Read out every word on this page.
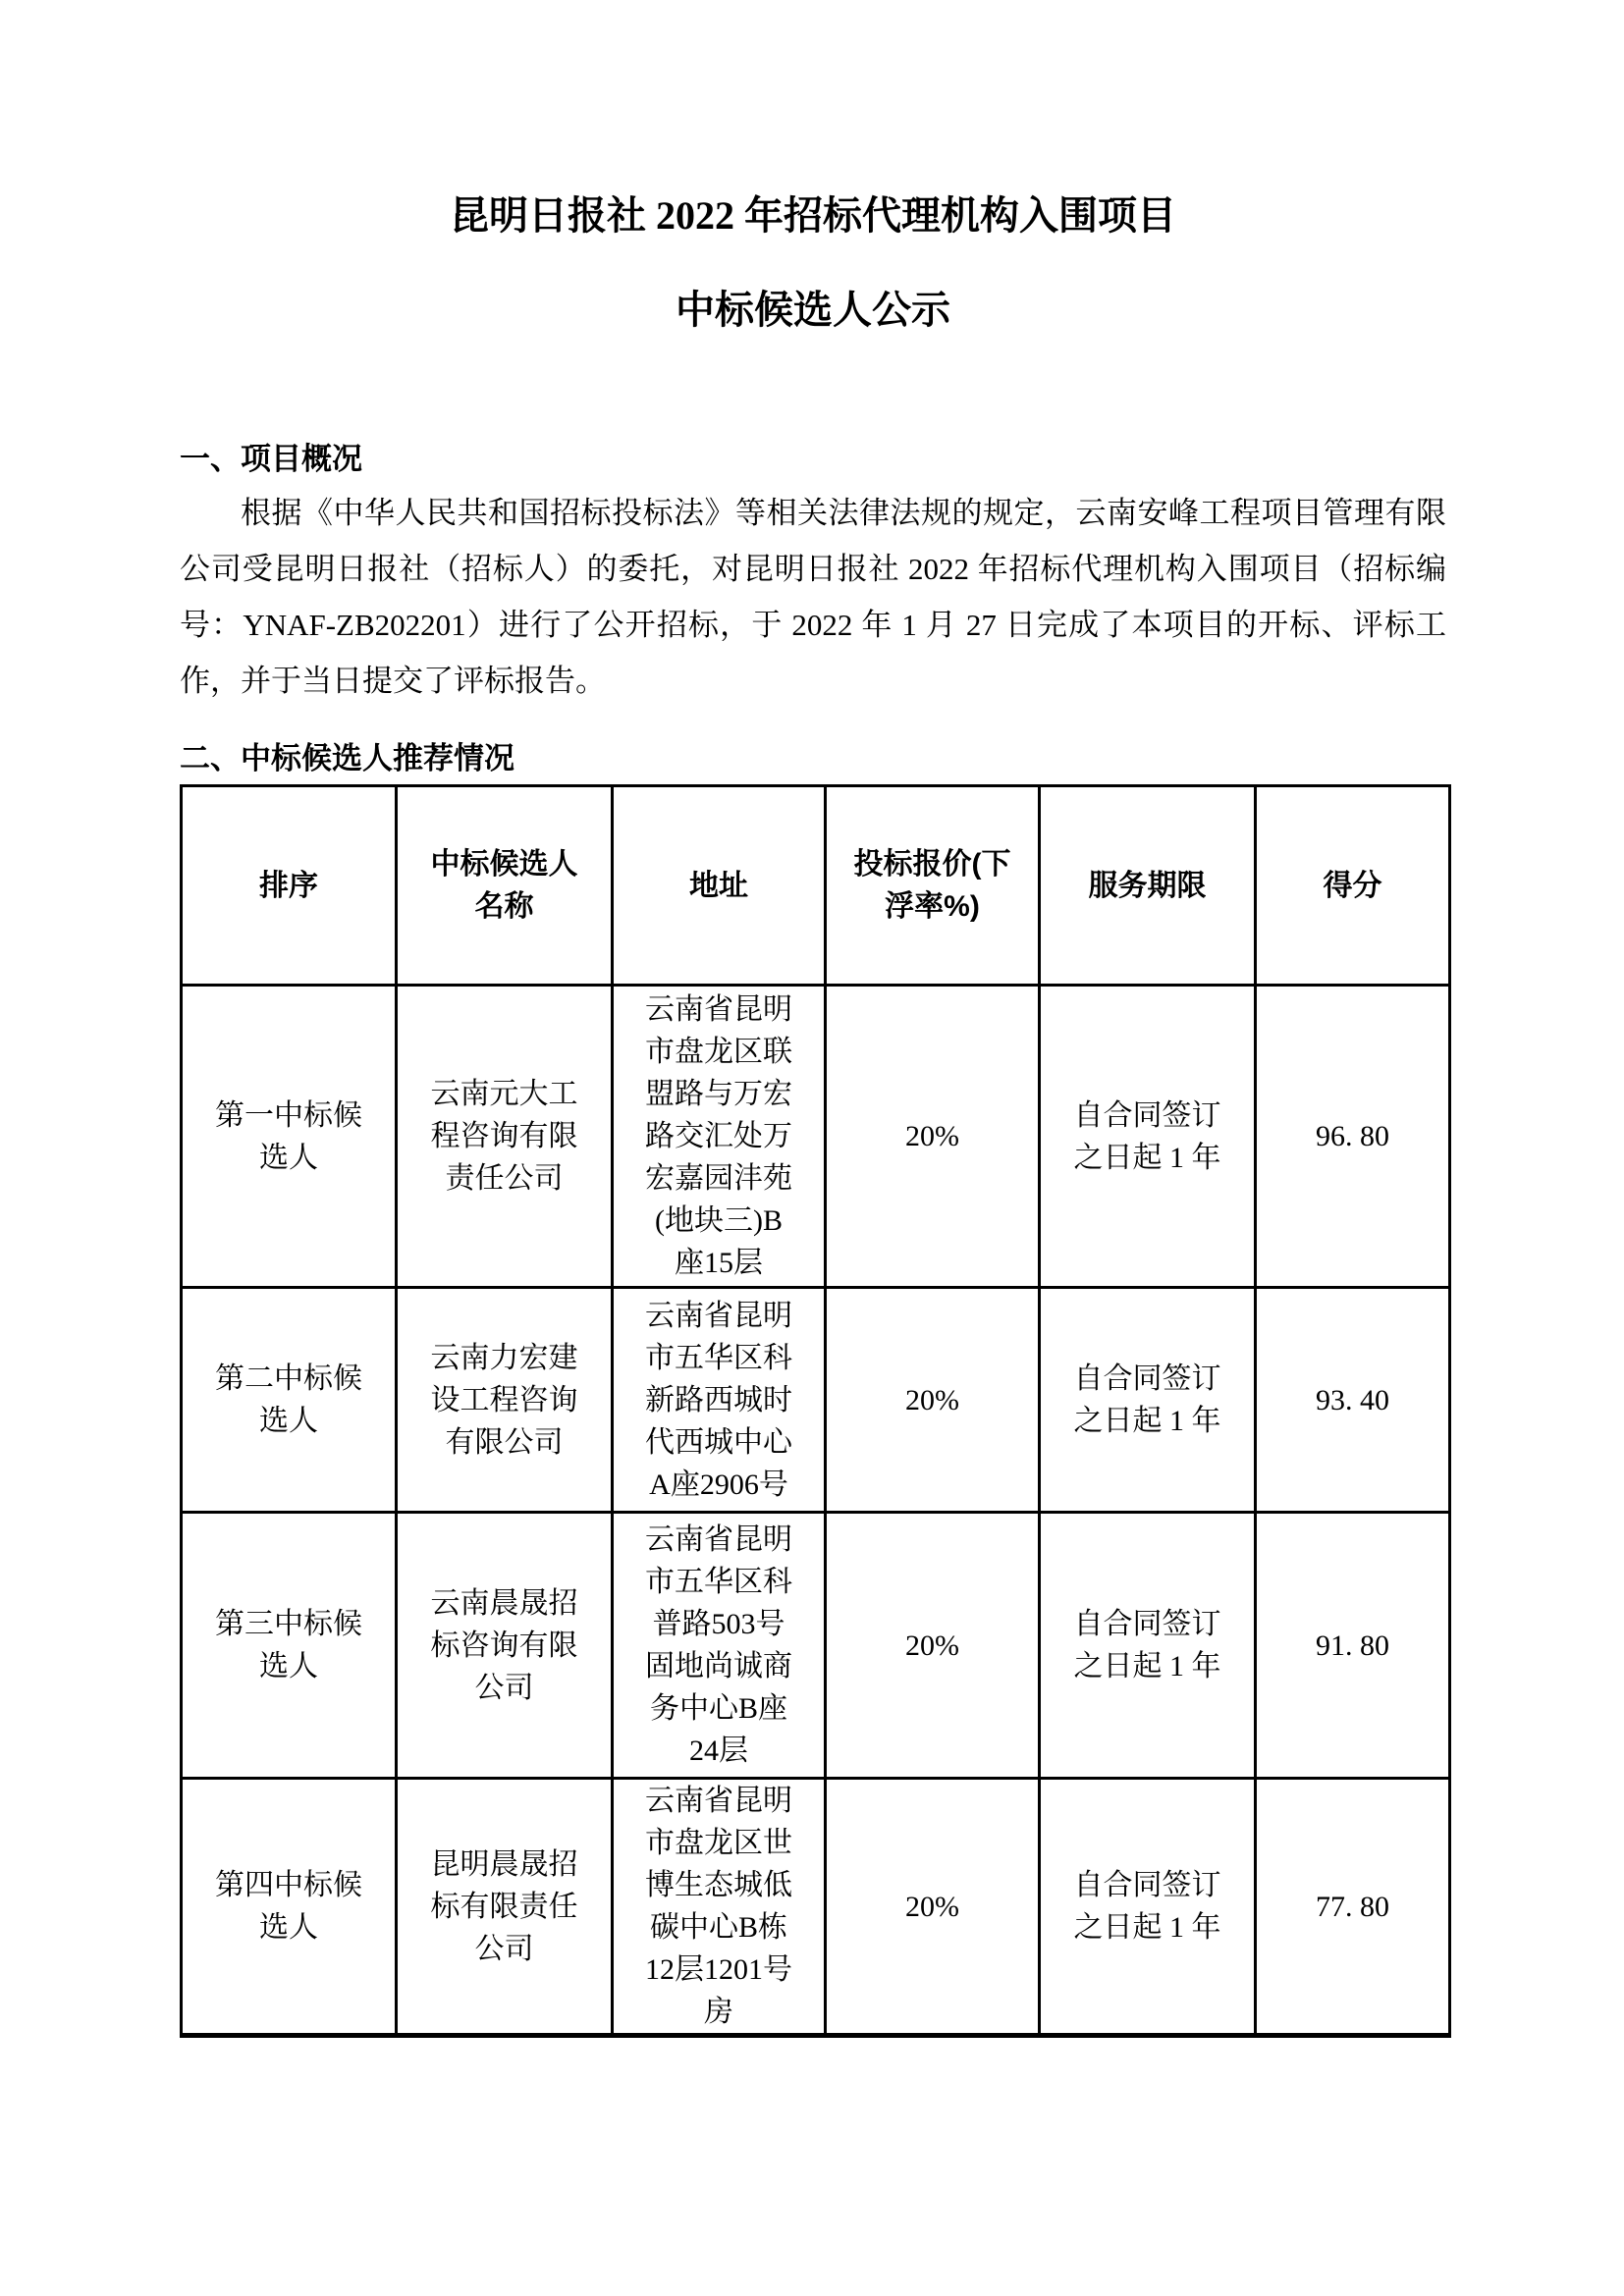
昆明日报社 2022 年招标代理机构入围项目
中标候选人公示
一、项目概况

根据《中华人民共和国招标投标法》等相关法律法规的规定，云南安峰工程项目管理有限公司受昆明日报社（招标人）的委托，对昆明日报社 2022 年招标代理机构入围项目（招标编号：YNAF-ZB202201）进行了公开招标，于 2022 年 1 月 27 日完成了本项目的开标、评标工作，并于当日提交了评标报告。

二、中标候选人推荐情况
排序	中标候选人名称	地址	投标报价(下浮率%)	服务期限	得分
第一中标候选人	云南元大工程咨询有限责任公司	云南省昆明市盘龙区联盟路与万宏路交汇处万宏嘉园沣苑(地块三)B座15层	20%	自合同签订之日起 1 年	96. 80
第二中标候选人	云南力宏建设工程咨询有限公司	云南省昆明市五华区科新路西城时代西城中心A座2906号	20%	自合同签订之日起 1 年	93. 40
第三中标候选人	云南晨晟招标咨询有限公司	云南省昆明市五华区科普路503号固地尚诚商务中心B座24层	20%	自合同签订之日起 1 年	91. 80
第四中标候选人	昆明晨晟招标有限责任公司	云南省昆明市盘龙区世博生态城低碳中心B栋12层1201号房	20%	自合同签订之日起 1 年	77. 80
